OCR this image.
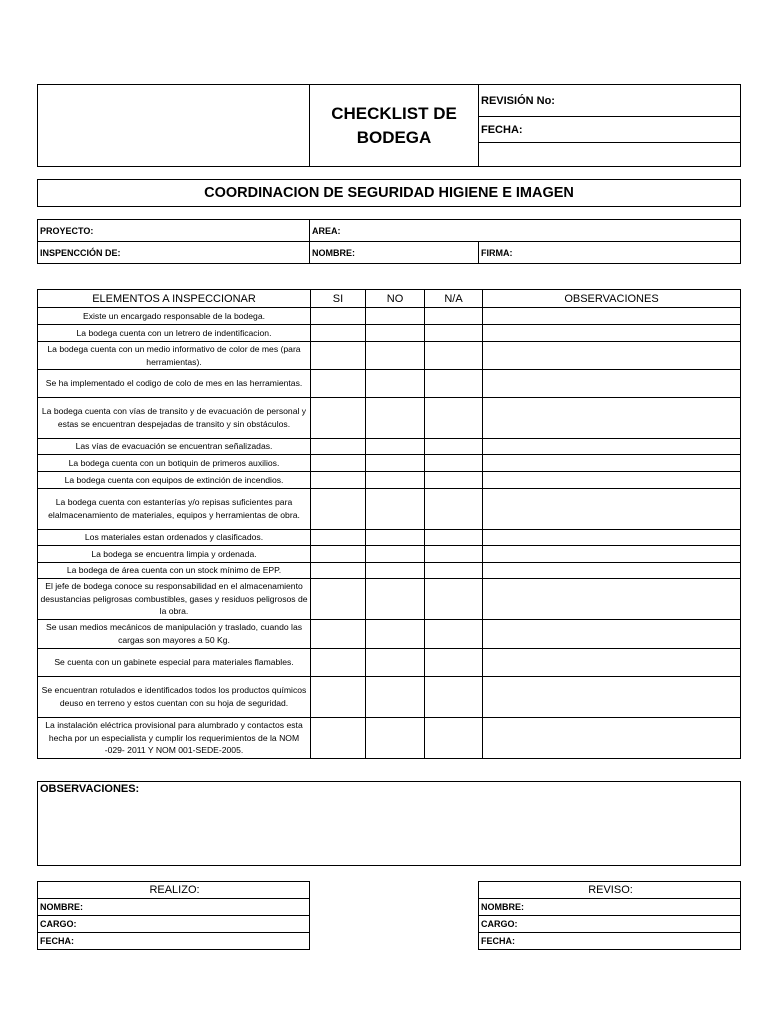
CHECKLIST DE
BODEGA
	REVISIÓN No:
FECHA:

COORDINACION DE SEGURIDAD HIGIENE E IMAGEN
PROYECTO:	AREA:	
INSPENCCIÓN DE:	NOMBRE:	FIRMA:
ELEMENTOS A INSPECCIONAR	SI	NO	N/A	OBSERVACIONES
Existe un encargado responsable de la bodega.				
La bodega cuenta con un letrero de indentificacion.				
La bodega cuenta con un medio informativo de color de mes (para herramientas).				
Se ha implementado el codigo de colo de mes en las herramientas.				
La bodega cuenta con vías de transito y de evacuación de personal y estas se encuentran despejadas de transito y sin obstáculos.				
Las vías de evacuación se encuentran señalizadas.				
La bodega cuenta con un botiquin de primeros auxilios.				
La bodega cuenta con equipos de extinción de incendios.				
La bodega cuenta con estanterías y/o repisas suficientes para elalmacenamiento de materiales, equipos y herramientas de obra.				
Los materiales estan ordenados y clasificados.				
La bodega se encuentra limpia y ordenada.				
La bodega de área cuenta con un stock mínimo de EPP.				
El jefe de bodega conoce su responsabilidad en el almacenamiento desustancias peligrosas combustibles, gases y residuos peligrosos de la obra.				
Se usan medios mecánicos de manipulación y traslado, cuando las cargas son mayores a 50 Kg.				
Se cuenta con un gabinete especial para materiales flamables.				
Se encuentran rotulados e identificados todos los productos químicos deuso en terreno y estos cuentan con su hoja de seguridad.				
La instalación eléctrica provisional para alumbrado y contactos esta hecha por un especialista y cumplir los requerimientos de la NOM -029- 2011 Y NOM 001-SEDE-2005.				
OBSERVACIONES:
REALIZO:
NOMBRE:
CARGO:
FECHA:
REVISO:
NOMBRE:
CARGO:
FECHA:
